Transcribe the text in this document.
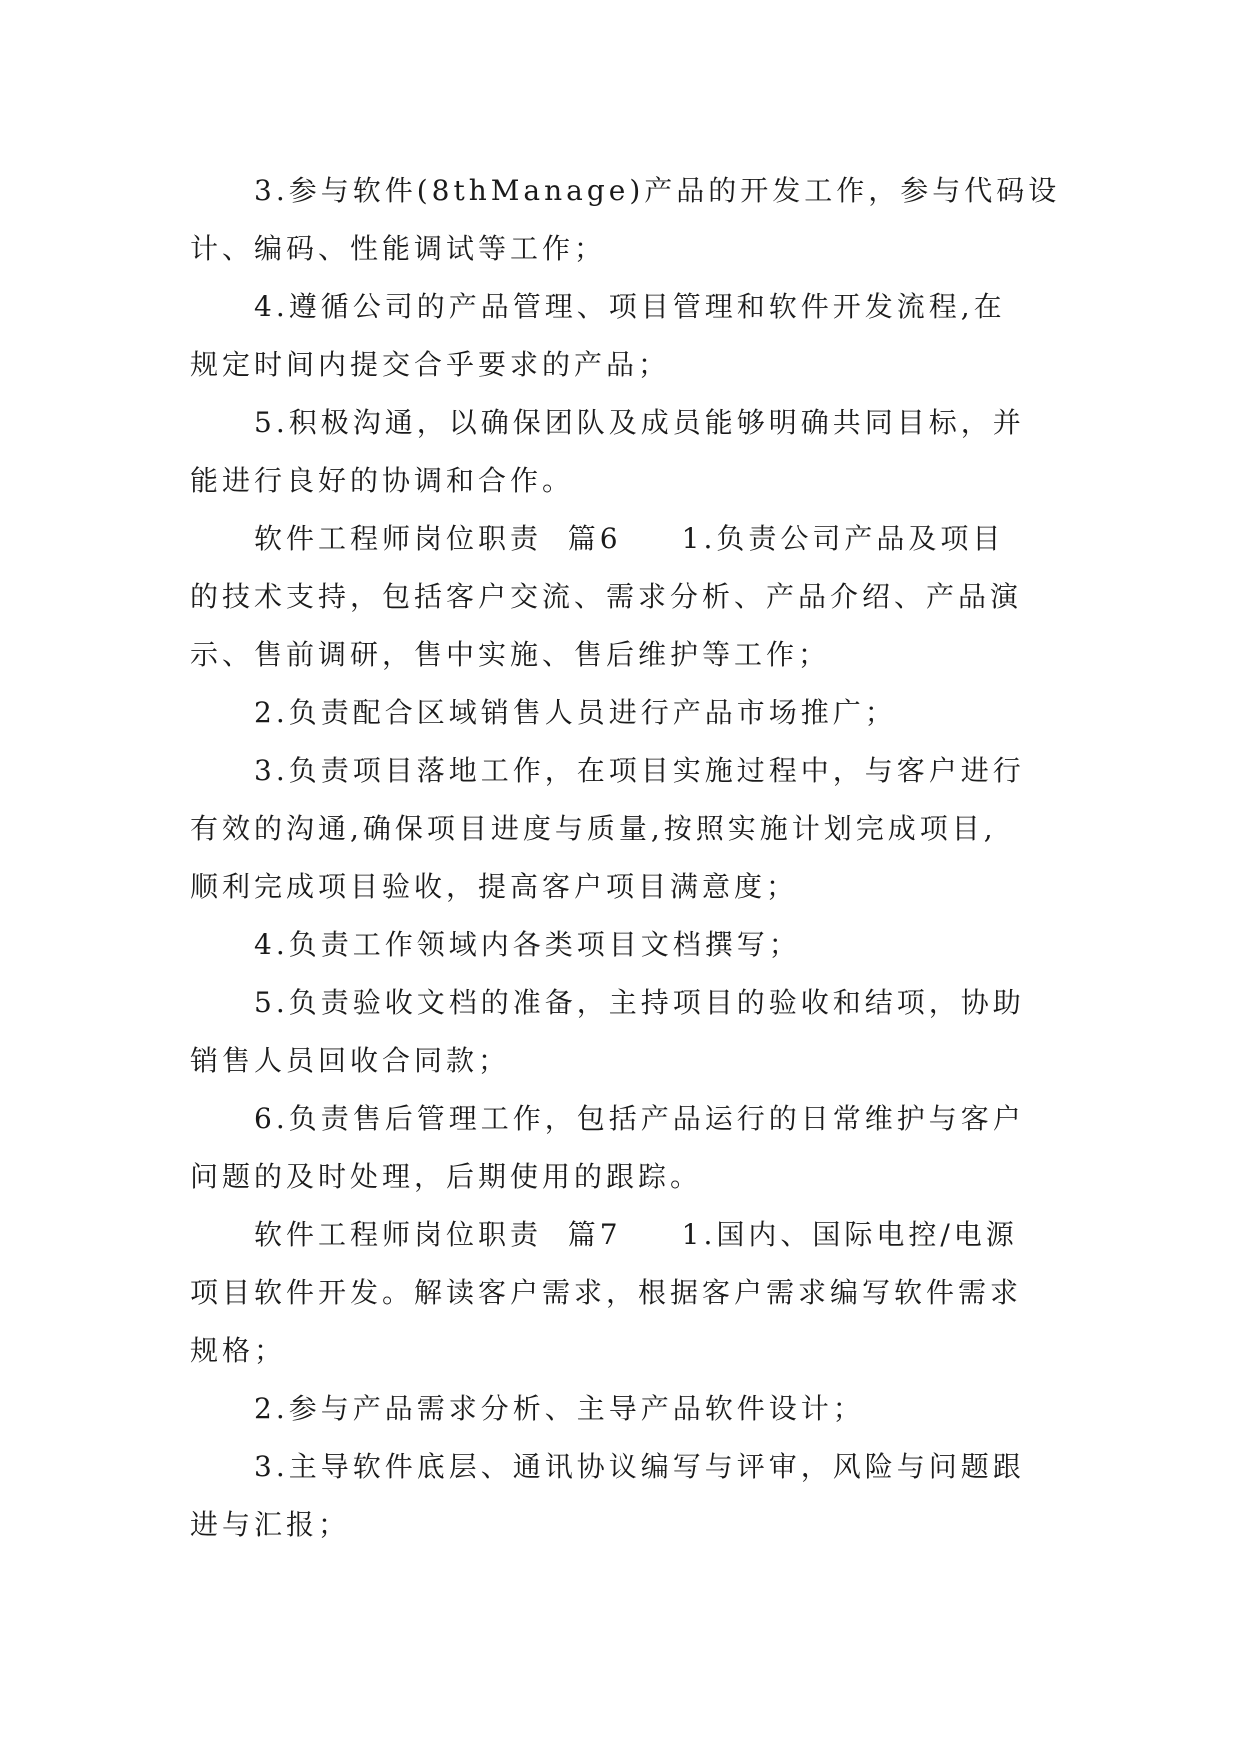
3.参与软件(8thManage)产品的开发工作，参与代码设
计、编码、性能调试等工作；
4.遵循公司的产品管理、项目管理和软件开发流程,在
规定时间内提交合乎要求的产品；
5.积极沟通，以确保团队及成员能够明确共同目标，并
能进行良好的协调和合作。
软件工程师岗位职责  篇6 1.负责公司产品及项目
的技术支持，包括客户交流、需求分析、产品介绍、产品演
示、售前调研，售中实施、售后维护等工作；
2.负责配合区域销售人员进行产品市场推广；
3.负责项目落地工作，在项目实施过程中，与客户进行
有效的沟通,确保项目进度与质量,按照实施计划完成项目,
顺利完成项目验收，提高客户项目满意度；
4.负责工作领域内各类项目文档撰写；
5.负责验收文档的准备，主持项目的验收和结项，协助
销售人员回收合同款；
6.负责售后管理工作，包括产品运行的日常维护与客户
问题的及时处理，后期使用的跟踪。
软件工程师岗位职责  篇7 1.国内、国际电控/电源
项目软件开发。解读客户需求，根据客户需求编写软件需求
规格；
2.参与产品需求分析、主导产品软件设计；
3.主导软件底层、通讯协议编写与评审，风险与问题跟
进与汇报；
